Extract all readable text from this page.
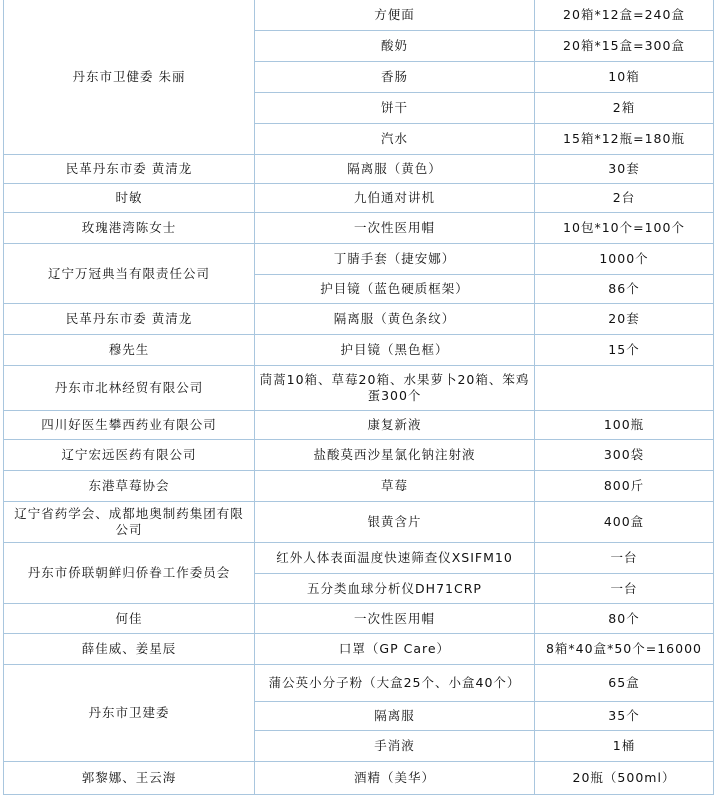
丹东市卫健委 朱丽	方便面	20箱*12盒=240盒
	酸奶	20箱*15盒=300盒
	香肠	10箱
	饼干	2箱
	汽水	15箱*12瓶=180瓶
民革丹东市委 黄清龙	隔离服（黄色）	30套
时敏	九伯通对讲机	2台
玫瑰港湾陈女士	一次性医用帽	10包*10个=100个
辽宁万冠典当有限责任公司	丁腈手套（捷安娜）	1000个
	护目镜（蓝色硬质框架）	86个
民革丹东市委 黄清龙	隔离服（黄色条纹）	20套
穆先生	护目镜（黑色框）	15个
丹东市北林经贸有限公司	茼蒿10箱、草莓20箱、水果萝卜20箱、笨鸡蛋300个	
四川好医生攀西药业有限公司	康复新液	100瓶
辽宁宏远医药有限公司	盐酸莫西沙星氯化钠注射液	300袋
东港草莓协会	草莓	800斤
辽宁省药学会、成都地奥制药集团有限公司	银黄含片	400盒
丹东市侨联朝鲜归侨眷工作委员会	红外人体表面温度快速筛查仪XSIFM10	一台
	五分类血球分析仪DH71CRP	一台
何佳	一次性医用帽	80个
薛佳威、姜星辰	口罩（GP Care）	8箱*40盒*50个=16000
丹东市卫建委	蒲公英小分子粉（大盒25个、小盒40个）	65盒
	隔离服	35个
	手消液	1桶
郭黎娜、王云海	酒精（美华）	20瓶（500ml）
